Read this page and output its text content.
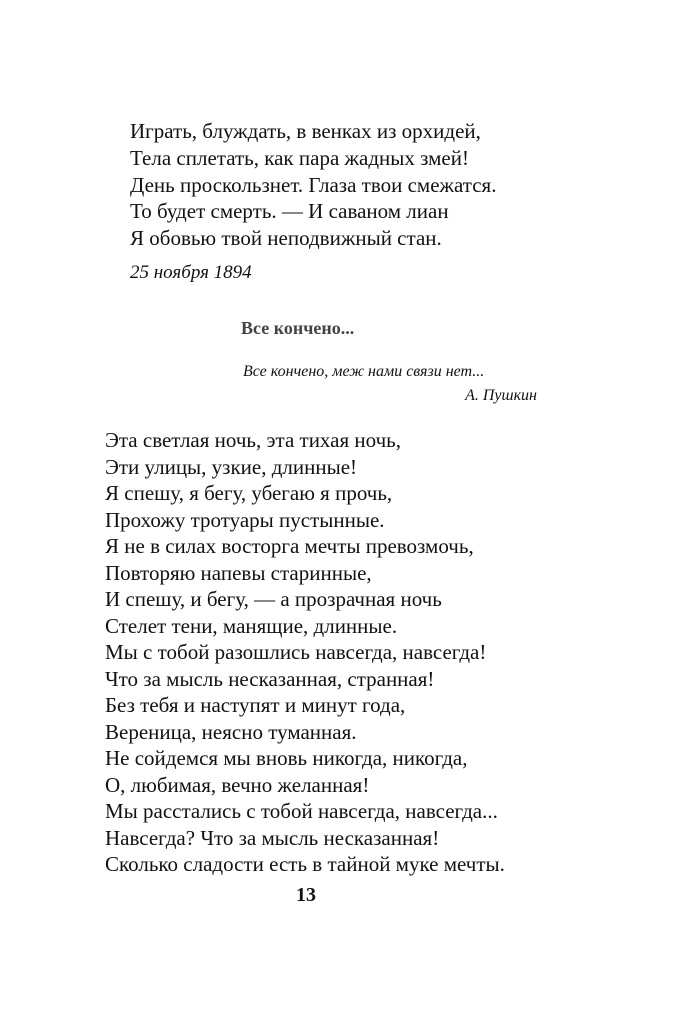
Играть, блуждать, в венках из орхидей,
Тела сплетать, как пара жадных змей!
День проскользнет. Глаза твои смежатся.
То будет смерть. — И саваном лиан
Я обовью твой неподвижный стан.
25 ноября 1894
Все кончено...
Все кончено, меж нами связи нет...
А. Пушкин
Эта светлая ночь, эта тихая ночь,
Эти улицы, узкие, длинные!
Я спешу, я бегу, убегаю я прочь,
Прохожу тротуары пустынные.
Я не в силах восторга мечты превозмочь,
Повторяю напевы старинные,
И спешу, и бегу, — а прозрачная ночь
Стелет тени, манящие, длинные.
Мы с тобой разошлись навсегда, навсегда!
Что за мысль несказанная, странная!
Без тебя и наступят и минут года,
Вереница, неясно туманная.
Не сойдемся мы вновь никогда, никогда,
О, любимая, вечно желанная!
Мы расстались с тобой навсегда, навсегда...
Навсегда? Что за мысль несказанная!
Сколько сладости есть в тайной муке мечты.
13
